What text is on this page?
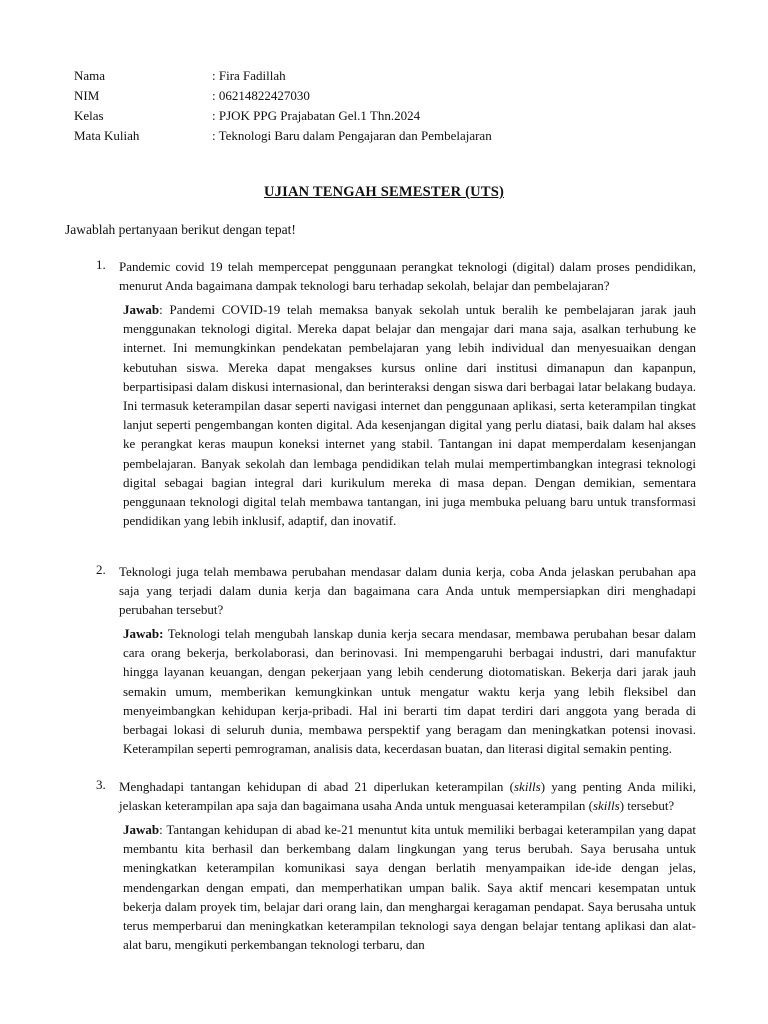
Nama	: Fira Fadillah
NIM	: 06214822427030
Kelas	: PJOK PPG Prajabatan Gel.1 Thn.2024
Mata Kuliah	: Teknologi Baru dalam Pengajaran dan Pembelajaran
UJIAN TENGAH SEMESTER (UTS)
Jawablah pertanyaan berikut dengan tepat!
1. Pandemic covid 19 telah mempercepat penggunaan perangkat teknologi (digital) dalam proses pendidikan, menurut Anda bagaimana dampak teknologi baru terhadap sekolah, belajar dan pembelajaran?
Jawab: Pandemi COVID-19 telah memaksa banyak sekolah untuk beralih ke pembelajaran jarak jauh menggunakan teknologi digital. Mereka dapat belajar dan mengajar dari mana saja, asalkan terhubung ke internet. Ini memungkinkan pendekatan pembelajaran yang lebih individual dan menyesuaikan dengan kebutuhan siswa. Mereka dapat mengakses kursus online dari institusi dimanapun dan kapanpun, berpartisipasi dalam diskusi internasional, dan berinteraksi dengan siswa dari berbagai latar belakang budaya. Ini termasuk keterampilan dasar seperti navigasi internet dan penggunaan aplikasi, serta keterampilan tingkat lanjut seperti pengembangan konten digital. Ada kesenjangan digital yang perlu diatasi, baik dalam hal akses ke perangkat keras maupun koneksi internet yang stabil. Tantangan ini dapat memperdalam kesenjangan pembelajaran. Banyak sekolah dan lembaga pendidikan telah mulai mempertimbangkan integrasi teknologi digital sebagai bagian integral dari kurikulum mereka di masa depan. Dengan demikian, sementara penggunaan teknologi digital telah membawa tantangan, ini juga membuka peluang baru untuk transformasi pendidikan yang lebih inklusif, adaptif, dan inovatif.
2. Teknologi juga telah membawa perubahan mendasar dalam dunia kerja, coba Anda jelaskan perubahan apa saja yang terjadi dalam dunia kerja dan bagaimana cara Anda untuk mempersiapkan diri menghadapi perubahan tersebut?
Jawab: Teknologi telah mengubah lanskap dunia kerja secara mendasar, membawa perubahan besar dalam cara orang bekerja, berkolaborasi, dan berinovasi. Ini mempengaruhi berbagai industri, dari manufaktur hingga layanan keuangan, dengan pekerjaan yang lebih cenderung diotomatiskan. Bekerja dari jarak jauh semakin umum, memberikan kemungkinkan untuk mengatur waktu kerja yang lebih fleksibel dan menyeimbangkan kehidupan kerja-pribadi. Hal ini berarti tim dapat terdiri dari anggota yang berada di berbagai lokasi di seluruh dunia, membawa perspektif yang beragam dan meningkatkan potensi inovasi. Keterampilan seperti pemrograman, analisis data, kecerdasan buatan, dan literasi digital semakin penting.
3. Menghadapi tantangan kehidupan di abad 21 diperlukan keterampilan (skills) yang penting Anda miliki, jelaskan keterampilan apa saja dan bagaimana usaha Anda untuk menguasai keterampilan (skills) tersebut?
Jawab: Tantangan kehidupan di abad ke-21 menuntut kita untuk memiliki berbagai keterampilan yang dapat membantu kita berhasil dan berkembang dalam lingkungan yang terus berubah. Saya berusaha untuk meningkatkan keterampilan komunikasi saya dengan berlatih menyampaikan ide-ide dengan jelas, mendengarkan dengan empati, dan memperhatikan umpan balik. Saya aktif mencari kesempatan untuk bekerja dalam proyek tim, belajar dari orang lain, dan menghargai keragaman pendapat. Saya berusaha untuk terus memperbarui dan meningkatkan keterampilan teknologi saya dengan belajar tentang aplikasi dan alat-alat baru, mengikuti perkembangan teknologi terbaru, dan
